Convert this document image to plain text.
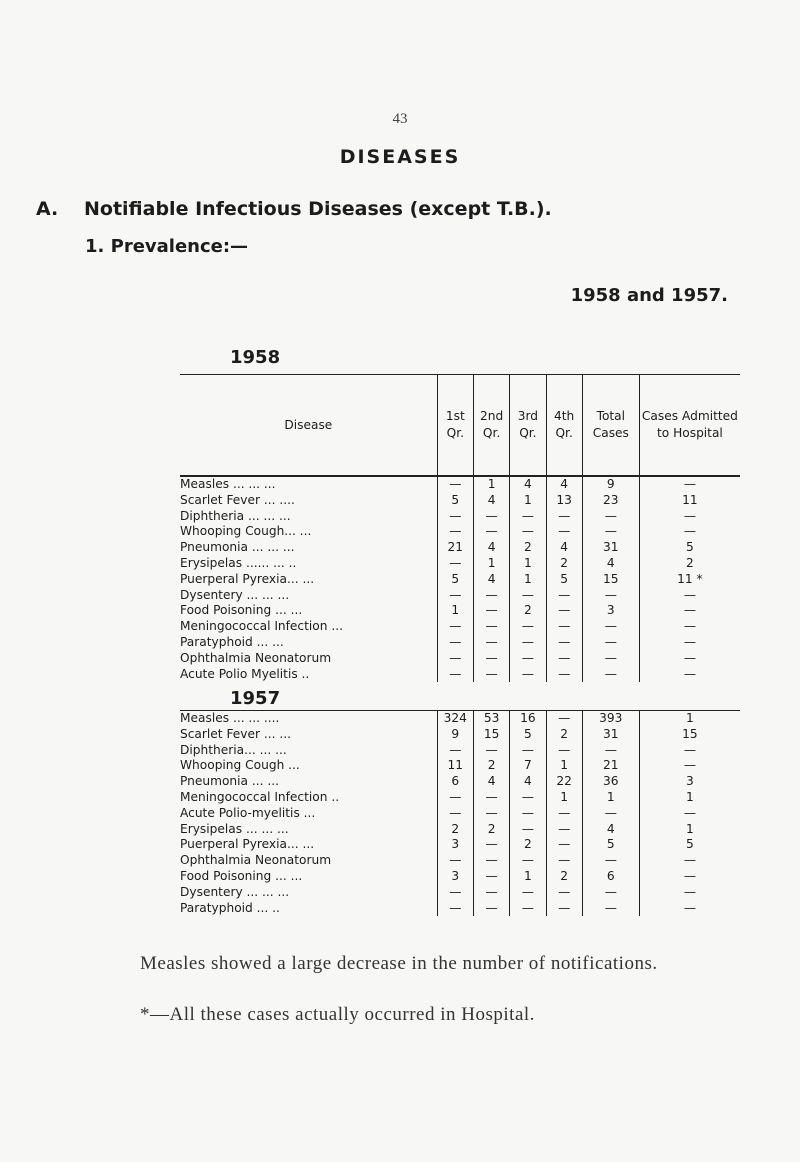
43
DISEASES
A. Notifiable Infectious Diseases (except T.B.).
1. Prevalence:—
1958 and 1957.
1958
Disease	1st Qr.	2nd Qr.	3rd Qr.	4th Qr.	Total Cases	Cases Admitted to Hospital
Measles ... ... ...	—	1	4	4	9	—
Scarlet Fever ... ....	5	4	1	13	23	11
Diphtheria ... ... ...	—	—	—	—	—	—
Whooping Cough... ...	—	—	—	—	—	—
Pneumonia ... ... ...	21	4	2	4	31	5
Erysipelas ...... ... ..	—	1	1	2	4	2
Puerperal Pyrexia... ...	5	4	1	5	15	11 *
Dysentery ... ... ...	—	—	—	—	—	—
Food Poisoning ... ...	1	—	2	—	3	—
Meningococcal Infection ...	—	—	—	—	—	—
Paratyphoid ... ...	—	—	—	—	—	—
Ophthalmia Neonatorum	—	—	—	—	—	—
Acute Polio Myelitis ..	—	—	—	—	—	—
1957
Measles ... ... ....	324	53	16	—	393	1
Scarlet Fever ... ...	9	15	5	2	31	15
Diphtheria... ... ...	—	—	—	—	—	—
Whooping Cough ...	11	2	7	1	21	—
Pneumonia ... ...	6	4	4	22	36	3
Meningococcal Infection ..	—	—	—	1	1	1
Acute Polio-myelitis ...	—	—	—	—	—	—
Erysipelas ... ... ...	2	2	—	—	4	1
Puerperal Pyrexia... ...	3	—	2	—	5	5
Ophthalmia Neonatorum	—	—	—	—	—	—
Food Poisoning ... ...	3	—	1	2	6	—
Dysentery ... ... ...	—	—	—	—	—	—
Paratyphoid ... ..	—	—	—	—	—	—
Measles showed a large decrease in the number of notifications.
*—All these cases actually occurred in Hospital.
